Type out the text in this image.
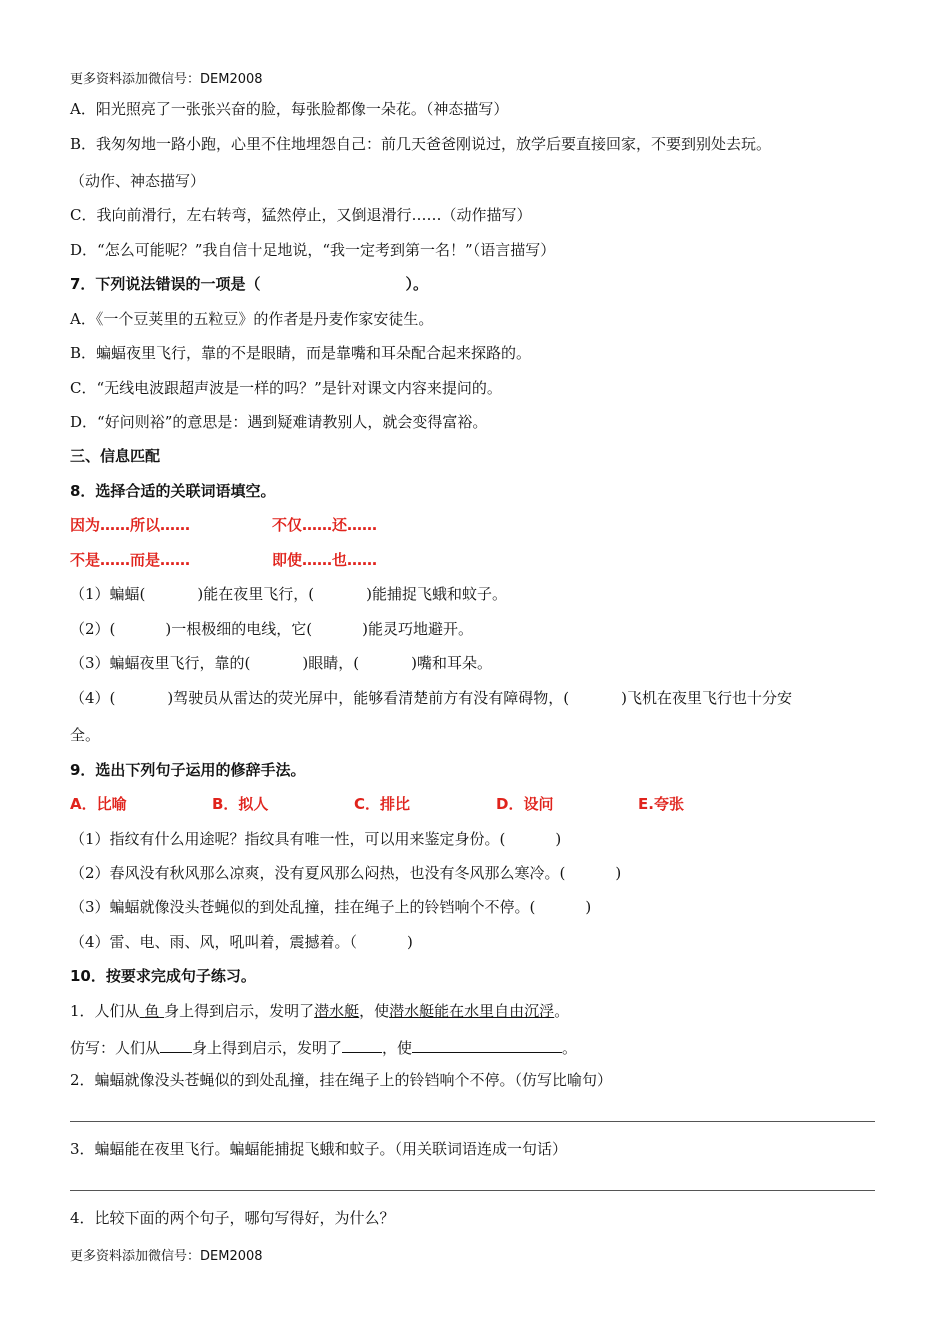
更多资料添加微信号：DEM2008
A．阳光照亮了一张张兴奋的脸，每张脸都像一朵花。（神态描写）
B．我匆匆地一路小跑，心里不住地埋怨自己：前几天爸爸刚说过，放学后要直接回家，不要到别处去玩。
（动作、神态描写）
C．我向前滑行，左右转弯，猛然停止，又倒退滑行……（动作描写）
D．“怎么可能呢？”我自信十足地说，“我一定考到第一名！”（语言描写）
7．下列说法错误的一项是（	）。
A．《一个豆荚里的五粒豆》的作者是丹麦作家安徒生。
B．蝙蝠夜里飞行，靠的不是眼睛，而是靠嘴和耳朵配合起来探路的。
C．“无线电波跟超声波是一样的吗？”是针对课文内容来提问的。
D．“好问则裕”的意思是：遇到疑难请教别人，就会变得富裕。
三、信息匹配
8．选择合适的关联词语填空。
因为……所以……	不仅……还……
不是……而是……	即使……也……
（1）蝙蝠(	)能在夜里飞行，(	)能捕捉飞蛾和蚊子。
（2）(	)一根极细的电线，它(	)能灵巧地避开。
（3）蝙蝠夜里飞行，靠的(	)眼睛，(	)嘴和耳朵。
（4）(	)驾驶员从雷达的荧光屏中，能够看清楚前方有没有障碍物，(	)飞机在夜里飞行也十分安
全。
9．选出下列句子运用的修辞手法。
A．比喻	B．拟人	C．排比	D．设问	E.夸张
（1）指纹有什么用途呢？指纹具有唯一性，可以用来鉴定身份。(	)
（2）春风没有秋风那么凉爽，没有夏风那么闷热，也没有冬风那么寒冷。(	)
（3）蝙蝠就像没头苍蝇似的到处乱撞，挂在绳子上的铃铛响个不停。(	)
（4）雷、电、雨、风，吼叫着，震撼着。（	)
10．按要求完成句子练习。
1．人们从 鱼 身上得到启示，发明了潜水艇，使潜水艇能在水里自由沉浮。
仿写：人们从 身上得到启示，发明了	，使	。
2．蝙蝠就像没头苍蝇似的到处乱撞，挂在绳子上的铃铛响个不停。（仿写比喻句）
3．蝙蝠能在夜里飞行。蝙蝠能捕捉飞蛾和蚊子。（用关联词语连成一句话）
4．比较下面的两个句子，哪句写得好，为什么？
更多资料添加微信号：DEM2008
